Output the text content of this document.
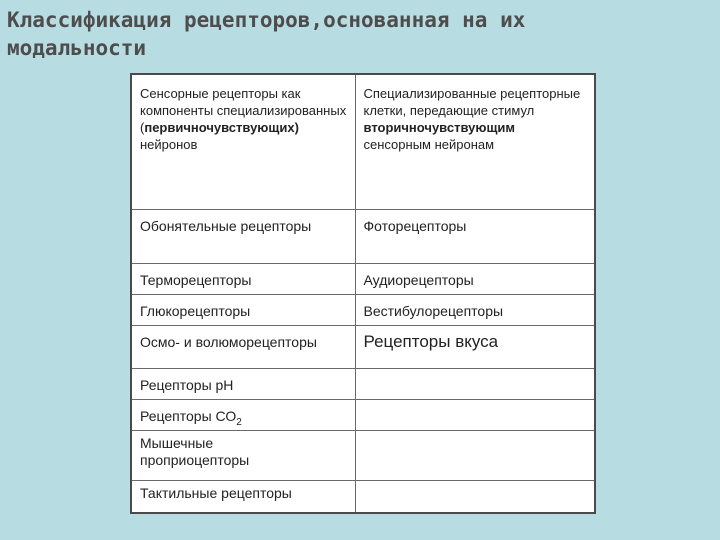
Классификация рецепторов,основанная на их модальности
Сенсорные рецепторы как компоненты специализированных (первичночувствующих) нейронов	Специализированные рецепторные клетки, передающие стимул вторичночувствующим сенсорным нейронам
Обонятельные рецепторы	Фоторецепторы
Терморецепторы	Аудиорецепторы
Глюкорецепторы	Вестибулорецепторы
Осмо- и волюморецепторы	Рецепторы вкуса
Рецепторы pH	
Рецепторы $СО_2$	

Мышечные проприоцепторы	

Тактильные рецепторы	
